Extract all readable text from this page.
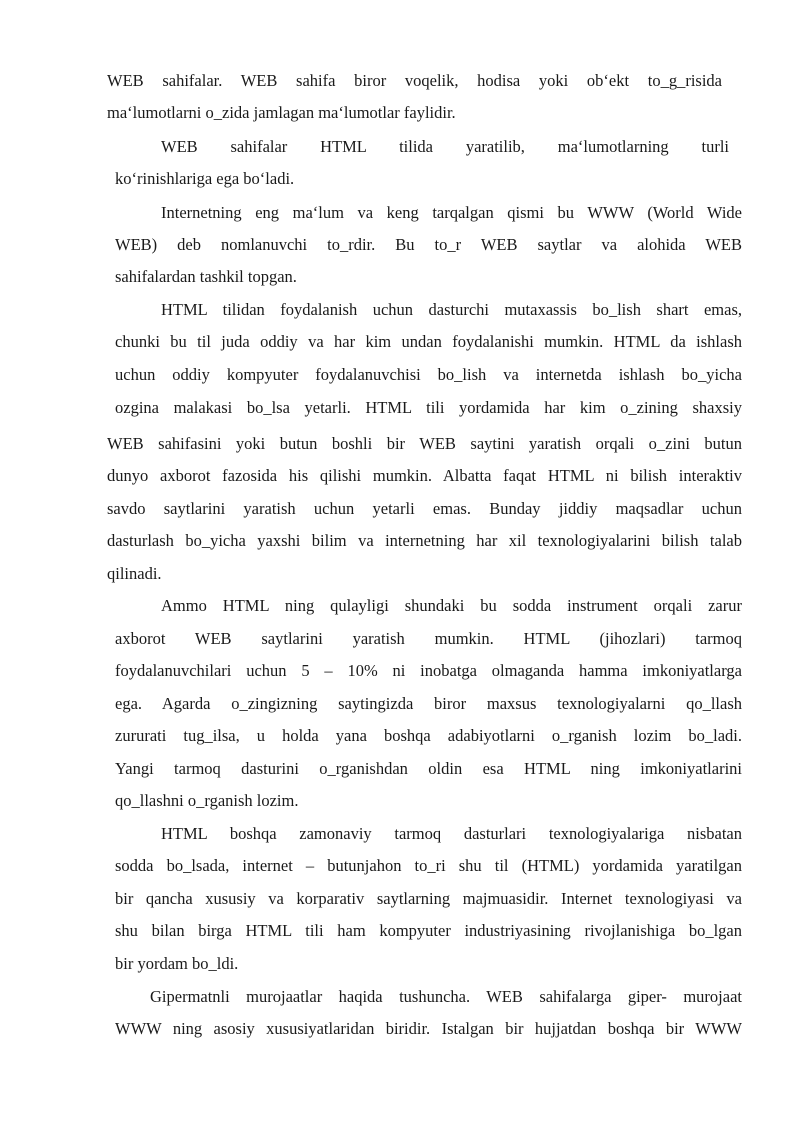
WEB sahifalar. WEB sahifa biror voqelik, hodisa yoki ob‘ekt to_g_risida
ma‘lumotlarni o_zida jamlagan ma‘lumotlar faylidir.
WEB sahifalar HTML tilida yaratilib, ma‘lumotlarning turli
ko‘rinishlariga ega bo‘ladi.
Internetning eng ma‘lum va keng tarqalgan qismi bu WWW (World Wide
WEB) deb nomlanuvchi to_rdir. Bu to_r WEB saytlar va alohida WEB
sahifalardan tashkil topgan.
HTML tilidan foydalanish uchun dasturchi mutaxassis bo_lish shart emas,
chunki bu til juda oddiy va har kim undan foydalanishi mumkin. HTML da ishlash
uchun oddiy kompyuter foydalanuvchisi bo_lish va internetda ishlash bo_yicha
ozgina malakasi bo_lsa yetarli. HTML tili yordamida har kim o_zining shaxsiy
WEB sahifasini yoki butun boshli bir WEB saytini yaratish orqali o_zini butun
dunyo axborot fazosida his qilishi mumkin. Albatta faqat HTML ni bilish interaktiv
savdo saytlarini yaratish uchun yetarli emas. Bunday jiddiy maqsadlar uchun
dasturlash bo_yicha yaxshi bilim va internetning har xil texnologiyalarini bilish talab
qilinadi.
Ammo HTML ning qulayligi shundaki bu sodda instrument orqali zarur
axborot WEB saytlarini yaratish mumkin. HTML (jihozlari) tarmoq
foydalanuvchilari uchun 5 – 10% ni inobatga olmaganda hamma imkoniyatlarga
ega. Agarda o_zingizning saytingizda biror maxsus texnologiyalarni qo_llash
zururati tug_ilsa, u holda yana boshqa adabiyotlarni o_rganish lozim bo_ladi.
Yangi tarmoq dasturini o_rganishdan oldin esa HTML ning imkoniyatlarini
qo_llashni o_rganish lozim.
HTML boshqa zamonaviy tarmoq dasturlari texnologiyalariga nisbatan
sodda bo_lsada, internet – butunjahon to_ri shu til (HTML) yordamida yaratilgan
bir qancha xususiy va korparativ saytlarning majmuasidir. Internet texnologiyasi va
shu bilan birga HTML tili ham kompyuter industriyasining rivojlanishiga bo_lgan
bir yordam bo_ldi.
Gipermatnli murojaatlar haqida tushuncha. WEB sahifalarga giper- murojaat
WWW ning asosiy xususiyatlaridan biridir. Istalgan bir hujjatdan boshqa bir WWW
